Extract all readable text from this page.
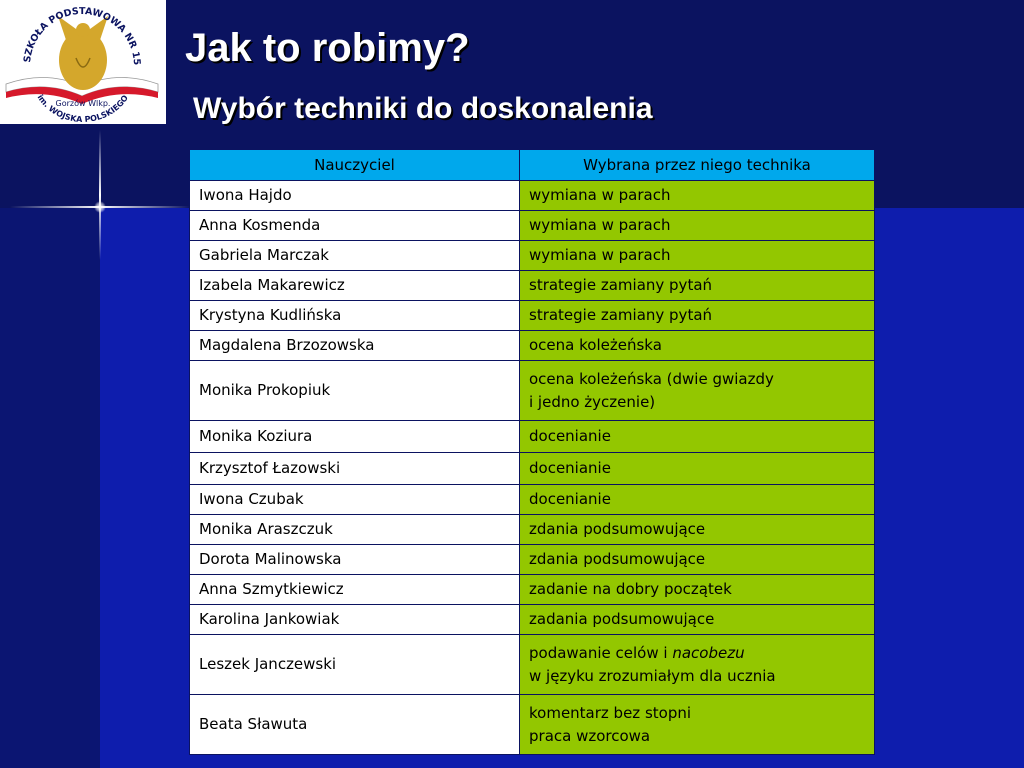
SZKOŁA PODSTAWOWA NR 15
im. WOJSKA POLSKIEGO
Gorzów Wlkp.
Jak to robimy?
Wybór techniki do doskonalenia
Nauczyciel	Wybrana przez niego technika
Iwona Hajdo	wymiana w parach
Anna Kosmenda	wymiana w parach
Gabriela Marczak	wymiana w parach
Izabela Makarewicz	strategie zamiany pytań
Krystyna Kudlińska	strategie zamiany pytań
Magdalena Brzozowska	ocena koleżeńska
Monika Prokopiuk	ocena koleżeńska (dwie gwiazdy
i jedno życzenie)
Monika Koziura	docenianie
Krzysztof Łazowski	docenianie
Iwona Czubak	docenianie
Monika Araszczuk	zdania podsumowujące
Dorota Malinowska	zdania podsumowujące
Anna Szmytkiewicz	zadanie na dobry początek
Karolina Jankowiak	zadania podsumowujące
Leszek Janczewski	podawanie celów i nacobezu
w języku zrozumiałym dla ucznia
Beata Sławuta	komentarz bez stopni
praca wzorcowa
